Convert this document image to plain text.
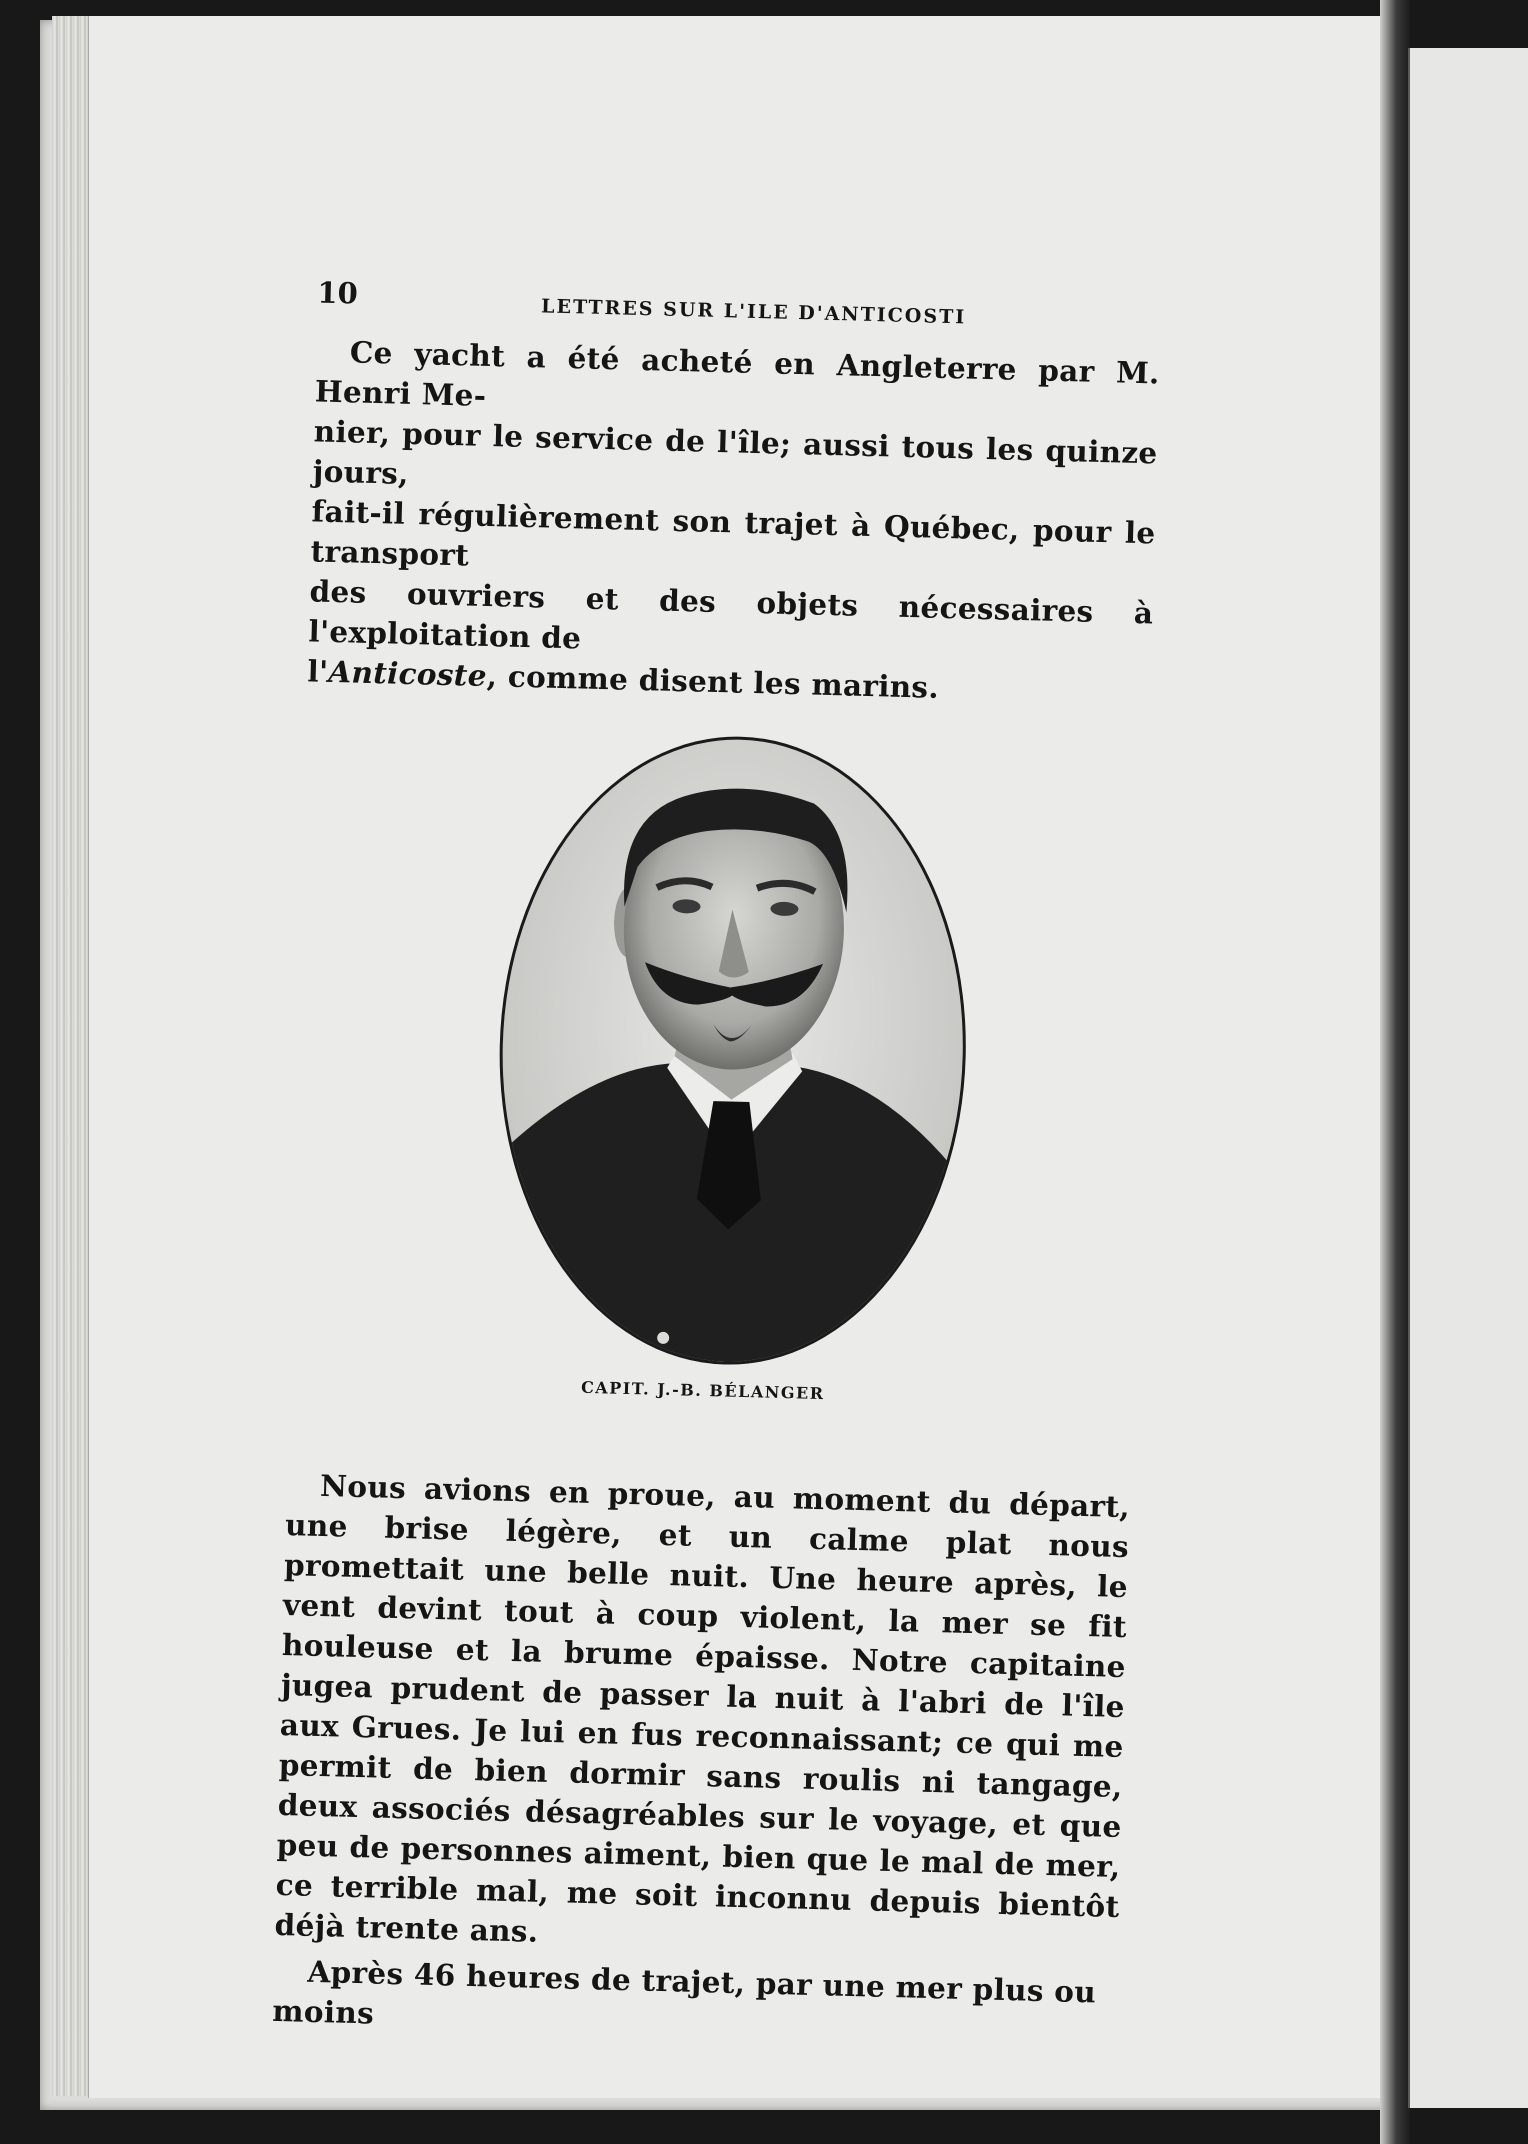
10
LETTRES SUR L'ILE D'ANTICOSTI

Ce yacht a été acheté en Angleterre par M. Henri Me-

nier, pour le service de l'île; aussi tous les quinze jours,

fait-il régulièrement son trajet à Québec, pour le transport

des ouvriers et des objets nécessaires à l'exploitation de

l'Anticoste, comme disent les marins.

CAPIT. J.-B. BÉLANGER

Nous avions en proue, au moment du départ, une brise légère, et un calme plat nous promettait une belle nuit. Une heure après, le vent devint tout à coup violent, la mer se fit houleuse et la brume épaisse. Notre capitaine jugea prudent de passer la nuit à l'abri de l'île aux Grues. Je lui en fus reconnaissant; ce qui me permit de bien dormir sans roulis ni tangage, deux associés désagréables sur le voyage, et que peu de personnes aiment, bien que le mal de mer, ce terrible mal, me soit inconnu depuis bientôt déjà trente ans.

Après 46 heures de trajet, par une mer plus ou moins
